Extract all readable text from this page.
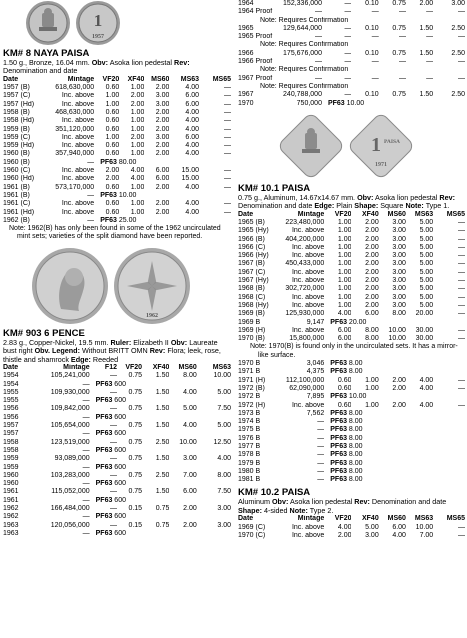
1
1957
KM# 8 NAYA PAISA
1.50 g., Bronze, 16.04 mm. Obv: Asoka lion pedestal Rev: Denomination and date
Date	Mintage	VF20	XF40	MS60	MS63	MS65
1957 (B)	618,630,000	0.60	1.00	2.00	4.00	—
1957 (C)	Inc. above	1.00	2.00	3.00	6.00	—
1957 (Hd)	Inc. above	1.00	2.00	3.00	6.00	—
1958 (B)	468,630,000	0.60	1.00	2.00	4.00	—
1958 (Hd)	Inc. above	0.60	1.00	2.00	4.00	—
1959 (B)	351,120,000	0.60	1.00	2.00	4.00	—
1959 (C)	Inc. above	1.00	2.00	3.00	6.00	—
1959 (Hd)	Inc. above	0.60	1.00	2.00	4.00	—
1960 (B)	357,940,000	0.60	1.00	2.00	4.00	—
1960 (B)	—	PF63 80.00				
1960 (C)	Inc. above	2.00	4.00	6.00	15.00	—
1960 (Hd)	Inc. above	2.00	4.00	6.00	15.00	—
1961 (B)	573,170,000	0.60	1.00	2.00	4.00	—
1961 (B)	—	PF63 10.00				
1961 (C)	Inc. above	0.60	1.00	2.00	4.00	—
1961 (Hd)	Inc. above	0.60	1.00	2.00	4.00	—
1962 (B)	—	PF63 25.00				
Note: 1962(B) has only been found in some of the 1962 uncirculated mint sets; varieties of the split diamond have been reported.
1962
KM# 903 6 PENCE
2.83 g., Copper-Nickel, 19.5 mm. Ruler: Elizabeth II Obv: Laureate bust right Obv. Legend: Without BRITT OMN Rev: Flora; leek, rose, thistle and shamrock Edge: Reeded
Date	Mintage	F12	VF20	XF40	MS60	MS63
1954	105,241,000	—	0.75	1.50	8.00	10.00
1954	—	PF63 600				
1955	109,930,000	—	0.75	1.50	4.00	5.00
1955	—	PF63 600				
1956	109,842,000	—	0.75	1.50	5.00	7.50
1956	—	PF63 600				
1957	105,654,000	—	0.75	1.50	4.00	5.00
1957	—	PF63 600				
1958	123,519,000	—	0.75	2.50	10.00	12.50
1958	—	PF63 600				
1959	93,089,000	—	0.75	1.50	3.00	4.00
1959	—	PF63 600				
1960	103,283,000	—	0.75	2.50	7.00	8.00
1960	—	PF63 600				
1961	115,052,000	—	0.75	1.50	6.00	7.50
1961	—	PF63 600				
1962	166,484,000	—	0.15	0.75	2.00	3.00
1962	—	PF63 600				
1963	120,056,000	—	0.15	0.75	2.00	3.00
1963	—	PF63 600				
1964	152,336,000	—	0.10	0.75	2.00	3.00
1964 Proof	—	—	—	—	—	—
Note: Requires Confirmation						
1965	129,644,000	—	0.10	0.75	1.50	2.50
1965 Proof	—	—	—	—	—	—
Note: Requires Confirmation						
1966	175,676,000	—	0.10	0.75	1.50	2.50
1966 Proof	—	—	—	—	—	—
Note: Requires Confirmation						
1967 Proof	—	—	—	—	—	—
Note: Requires Confirmation						
1967	240,788,000	—	0.10	0.75	1.50	2.50
1970	750,000	PF63 10.00				
1 PAISA
1971
KM# 10.1 PAISA
0.75 g., Aluminum, 14.67x14.67 mm. Obv: Asoka lion pedestal Rev: Denomination and date Edge: Plain Shape: Square Note: Type 1.
Date	Mintage	VF20	XF40	MS60	MS63	MS65
1965 (B)	223,480,000	1.00	2.00	3.00	5.00	—
1965 (Hy)	Inc. above	1.00	2.00	3.00	5.00	—
1966 (B)	404,200,000	1.00	2.00	3.00	5.00	—
1966 (C)	Inc. above	1.00	2.00	3.00	5.00	—
1966 (Hy)	Inc. above	1.00	2.00	3.00	5.00	—
1967 (B)	450,433,000	1.00	2.00	3.00	5.00	—
1967 (C)	Inc. above	1.00	2.00	3.00	5.00	—
1967 (Hy)	Inc. above	1.00	2.00	3.00	5.00	—
1968 (B)	302,720,000	1.00	2.00	3.00	5.00	—
1968 (C)	Inc. above	1.00	2.00	3.00	5.00	—
1968 (Hy)	Inc. above	1.00	2.00	3.00	5.00	—
1969 (B)	125,930,000	4.00	6.00	8.00	20.00	—
1969 B	9,147	PF63 20.00				
1969 (H)	Inc. above	6.00	8.00	10.00	30.00	—
1970 (B)	15,800,000	6.00	8.00	10.00	30.00	—
Note: 1970(B) is found only in the uncirculated sets. It has a mirror-like surface.
1970 B	3,046	PF63 8.00				
1971 B	4,375	PF63 8.00				
1971 (H)	112,100,000	0.60	1.00	2.00	4.00	—
1972 (B)	62,090,000	0.60	1.00	2.00	4.00	—
1972 B	7,895	PF63 10.00				
1972 (H)	Inc. above	0.60	1.00	2.00	4.00	—
1973 B	7,562	PF63 8.00				
1974 B	—	PF63 8.00				
1975 B	—	PF63 8.00				
1976 B	—	PF63 8.00				
1977 B	—	PF63 8.00				
1978 B	—	PF63 8.00				
1979 B	—	PF63 8.00				
1980 B	—	PF63 8.00				
1981 B	—	PF63 8.00				
KM# 10.2 PAISA
Aluminum Obv: Asoka lion pedestal Rev: Denomination and date Shape: 4-sided Note: Type 2.
Date	Mintage	VF20	XF40	MS60	MS63	MS65
1969 (C)	Inc. above	4.00	5.00	6.00	10.00	—
1970 (C)	Inc. above	2.00	3.00	4.00	7.00	—
